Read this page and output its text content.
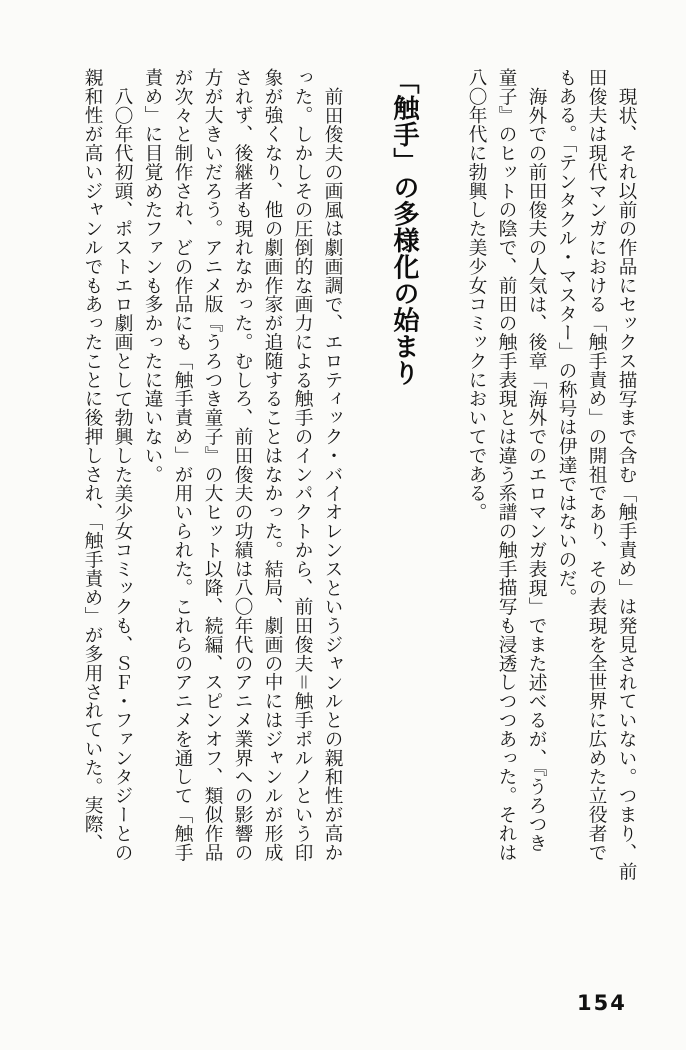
現状、それ以前の作品にセックス描写まで含む「触手責め」は発見されていない。つまり、前
田俊夫は現代マンガにおける「触手責め」の開祖であり、その表現を全世界に広めた立役者で
もある。「テンタクル・マスター」の称号は伊達ではないのだ。
海外での前田俊夫の人気は、後章「海外でのエロマンガ表現」でまた述べるが、『うろつき
童子』のヒットの陰で、前田の触手表現とは違う系譜の触手描写も浸透しつつあった。それは
八〇年代に勃興した美少女コミックにおいてである。
「触手」の多様化の始まり
前田俊夫の画風は劇画調で、エロティック・バイオレンスというジャンルとの親和性が高か
った。しかしその圧倒的な画力による触手のインパクトから、前田俊夫＝触手ポルノという印
象が強くなり、他の劇画作家が追随することはなかった。結局、劇画の中にはジャンルが形成
されず、後継者も現れなかった。むしろ、前田俊夫の功績は八〇年代のアニメ業界への影響の
方が大きいだろう。アニメ版『うろつき童子』の大ヒット以降、続編、スピンオフ、類似作品
が次々と制作され、どの作品にも「触手責め」が用いられた。これらのアニメを通して「触手
責め」に目覚めたファンも多かったに違いない。
八〇年代初頭、ポストエロ劇画として勃興した美少女コミックも、ＳＦ・ファンタジーとの
親和性が高いジャンルでもあったことに後押しされ、「触手責め」が多用されていた。実際、
154
